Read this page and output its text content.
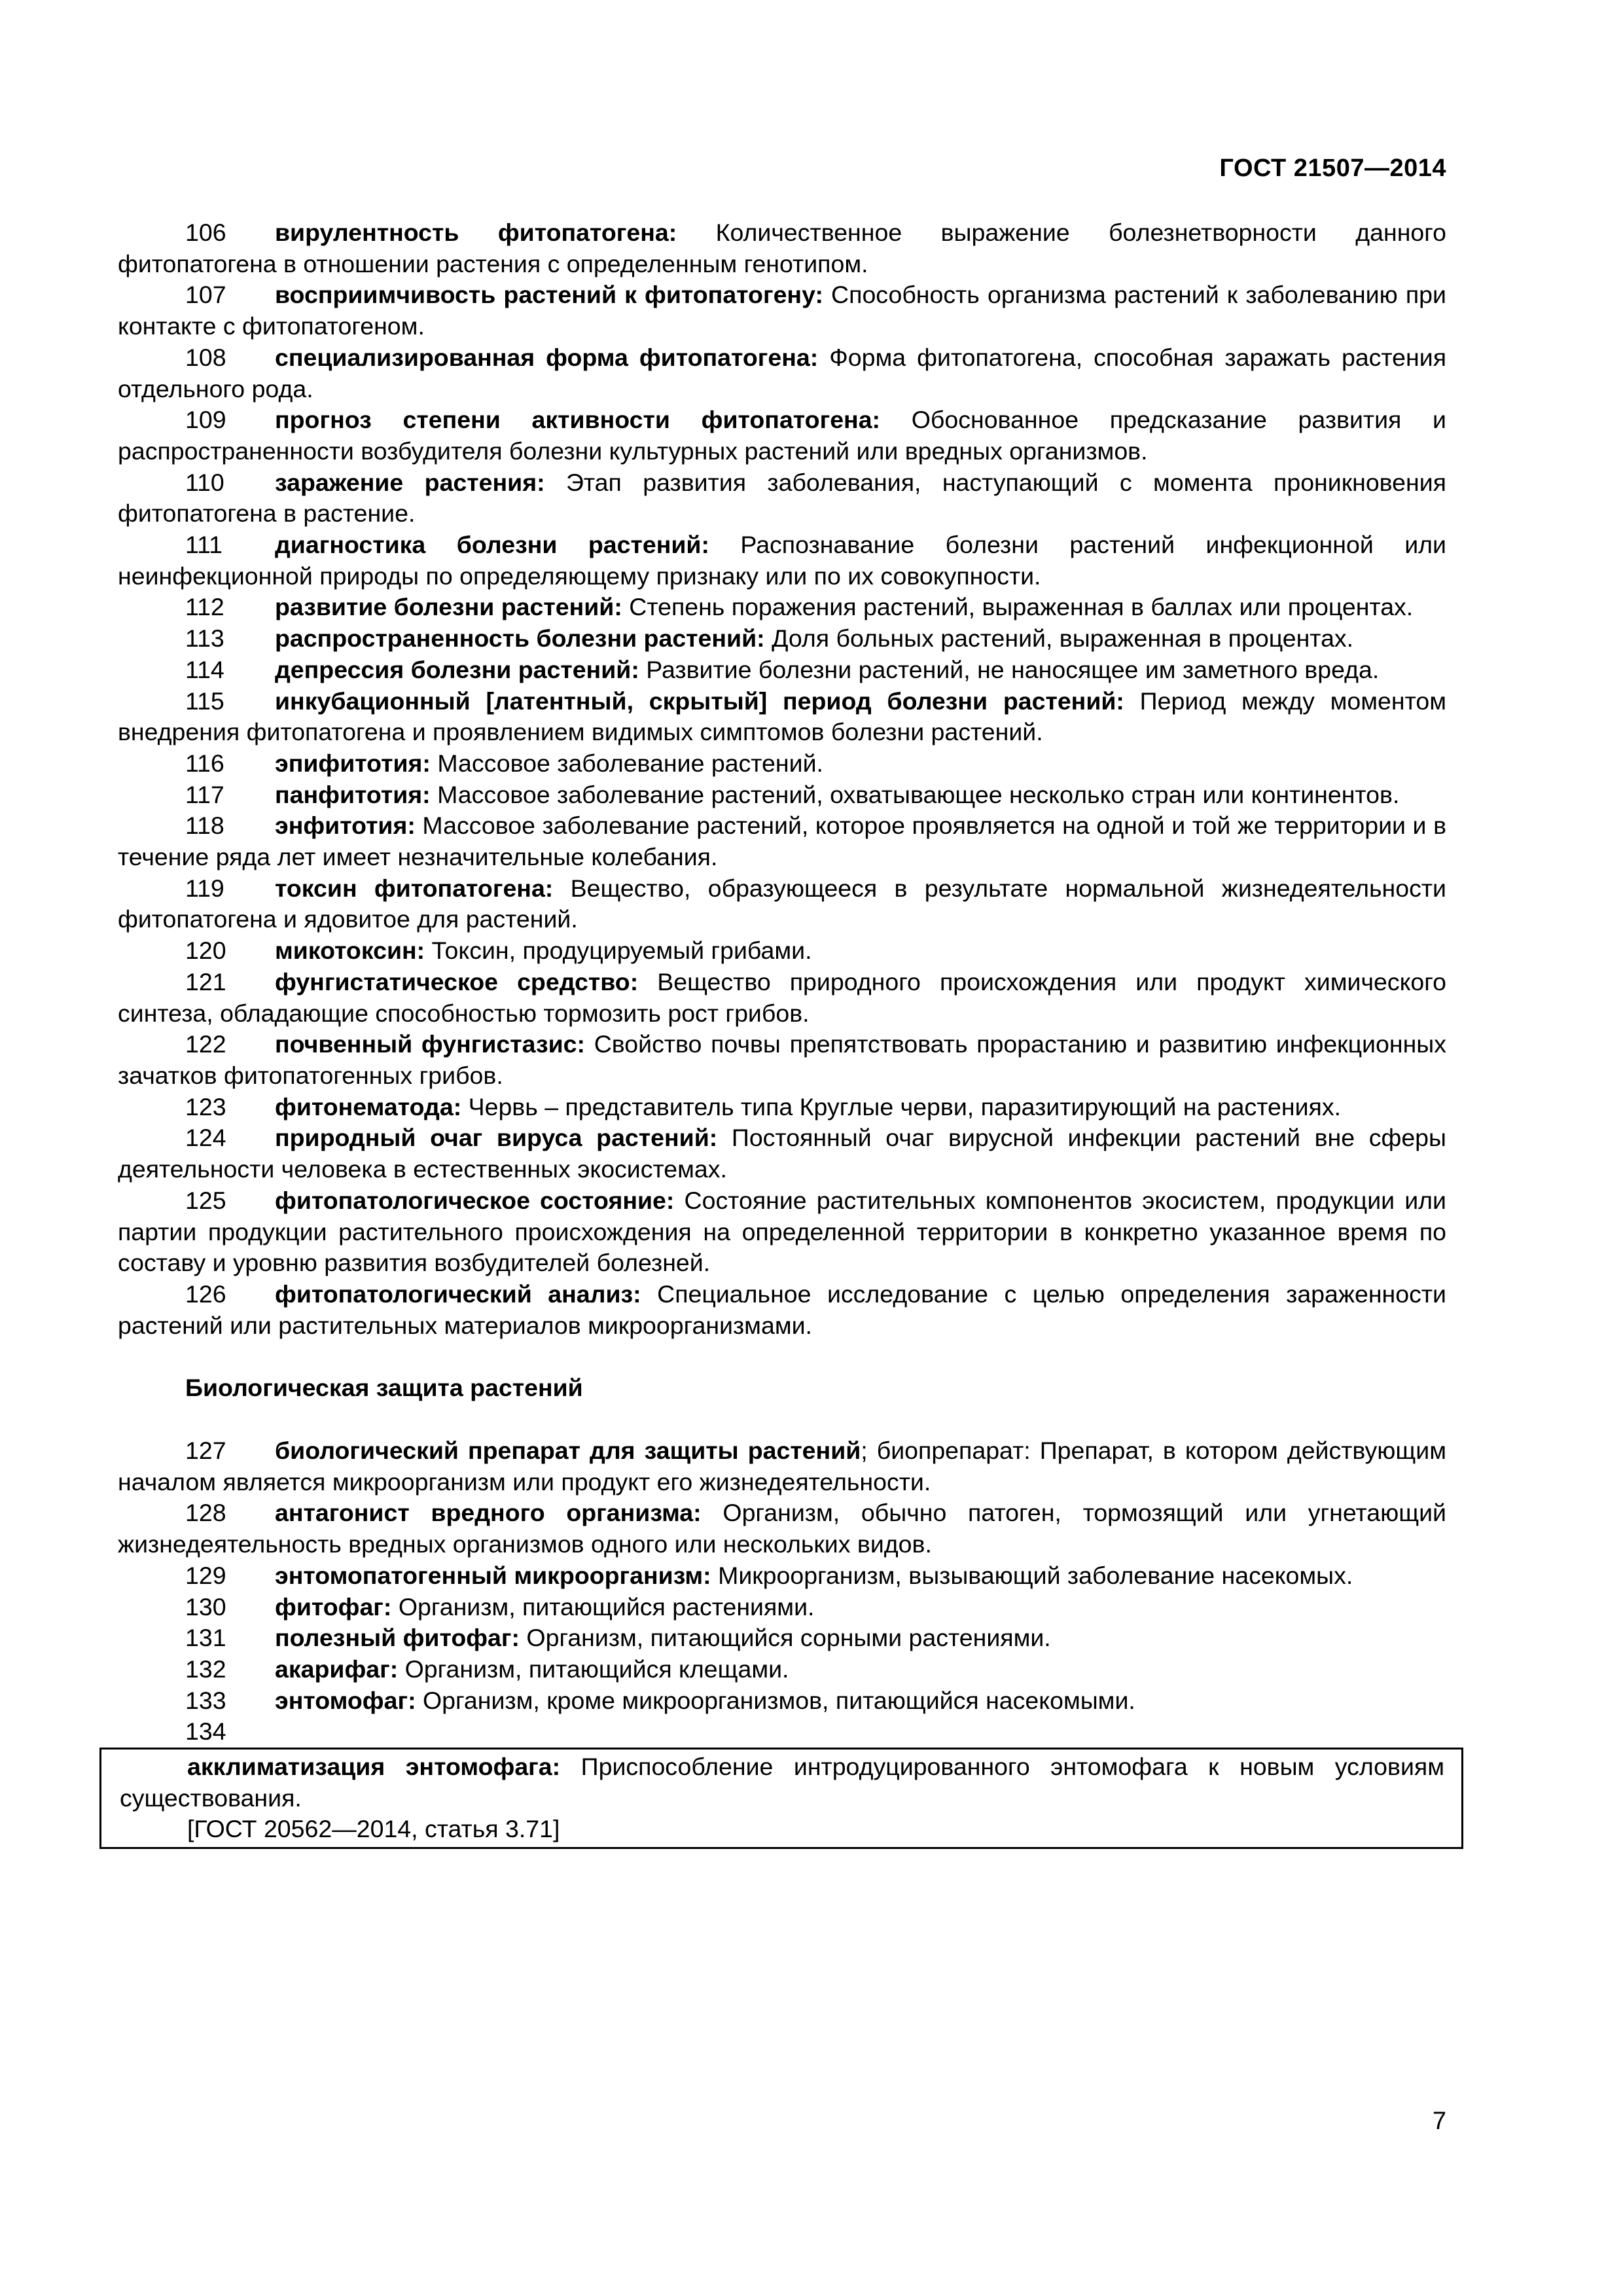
ГОСТ 21507—2014
106 вирулентность фитопатогена: Количественное выражение болезнетворности данного фитопатогена в отношении растения с определенным генотипом.
107 восприимчивость растений к фитопатогену: Способность организма растений к заболеванию при контакте с фитопатогеном.
108 специализированная форма фитопатогена: Форма фитопатогена, способная заражать растения отдельного рода.
109 прогноз степени активности фитопатогена: Обоснованное предсказание развития и распространенности возбудителя болезни культурных растений или вредных организмов.
110 заражение растения: Этап развития заболевания, наступающий с момента проникновения фитопатогена в растение.
111 диагностика болезни растений: Распознавание болезни растений инфекционной или неинфекционной природы по определяющему признаку или по их совокупности.
112 развитие болезни растений: Степень поражения растений, выраженная в баллах или процентах.
113 распространенность болезни растений: Доля больных растений, выраженная в процентах.
114 депрессия болезни растений: Развитие болезни растений, не наносящее им заметного вреда.
115 инкубационный [латентный, скрытый] период болезни растений: Период между моментом внедрения фитопатогена и проявлением видимых симптомов болезни растений.
116 эпифитотия: Массовое заболевание растений.
117 панфитотия: Массовое заболевание растений, охватывающее несколько стран или континентов.
118 энфитотия: Массовое заболевание растений, которое проявляется на одной и той же территории и в течение ряда лет имеет незначительные колебания.
119 токсин фитопатогена: Вещество, образующееся в результате нормальной жизнедеятельности фитопатогена и ядовитое для растений.
120 микотоксин: Токсин, продуцируемый грибами.
121 фунгистатическое средство: Вещество природного происхождения или продукт химического синтеза, обладающие способностью тормозить рост грибов.
122 почвенный фунгистазис: Свойство почвы препятствовать прорастанию и развитию инфекционных зачатков фитопатогенных грибов.
123 фитонематода: Червь – представитель типа Круглые черви, паразитирующий на растениях.
124 природный очаг вируса растений: Постоянный очаг вирусной инфекции растений вне сферы деятельности человека в естественных экосистемах.
125 фитопатологическое состояние: Состояние растительных компонентов экосистем, продукции или партии продукции растительного происхождения на определенной территории в конкретно указанное время по составу и уровню развития возбудителей болезней.
126 фитопатологический анализ: Специальное исследование с целью определения зараженности растений или растительных материалов микроорганизмами.
Биологическая защита растений
127 биологический препарат для защиты растений; биопрепарат: Препарат, в котором действующим началом является микроорганизм или продукт его жизнедеятельности.
128 антагонист вредного организма: Организм, обычно патоген, тормозящий или угнетающий жизнедеятельность вредных организмов одного или нескольких видов.
129 энтомопатогенный микроорганизм: Микроорганизм, вызывающий заболевание насекомых.
130 фитофаг: Организм, питающийся растениями.
131 полезный фитофаг: Организм, питающийся сорными растениями.
132 акарифаг: Организм, питающийся клещами.
133 энтомофаг: Организм, кроме микроорганизмов, питающийся насекомыми.
134
акклиматизация энтомофага: Приспособление интродуцированного энтомофага к новым условиям существования.
[ГОСТ 20562—2014, статья 3.71]
7
